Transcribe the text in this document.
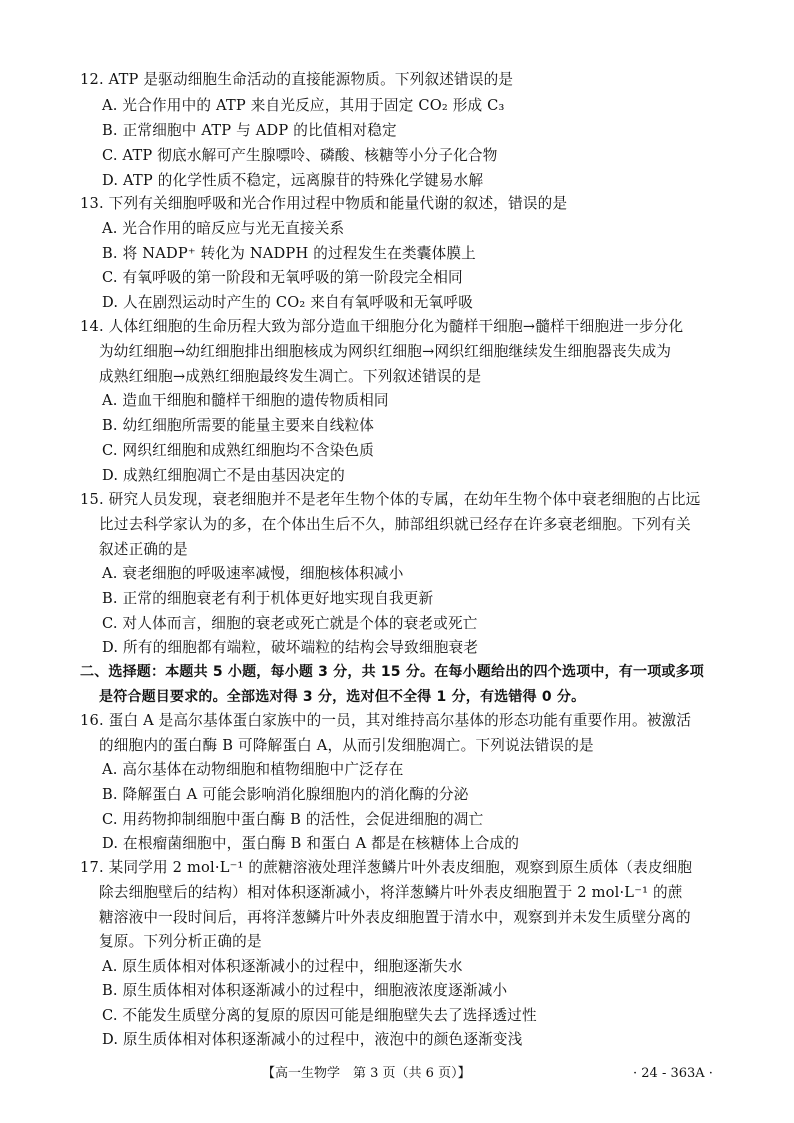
12. ATP 是驱动细胞生命活动的直接能源物质。下列叙述错误的是
A. 光合作用中的 ATP 来自光反应，其用于固定 CO₂ 形成 C₃
B. 正常细胞中 ATP 与 ADP 的比值相对稳定
C. ATP 彻底水解可产生腺嘌呤、磷酸、核糖等小分子化合物
D. ATP 的化学性质不稳定，远离腺苷的特殊化学键易水解
13. 下列有关细胞呼吸和光合作用过程中物质和能量代谢的叙述，错误的是
A. 光合作用的暗反应与光无直接关系
B. 将 NADP⁺ 转化为 NADPH 的过程发生在类囊体膜上
C. 有氧呼吸的第一阶段和无氧呼吸的第一阶段完全相同
D. 人在剧烈运动时产生的 CO₂ 来自有氧呼吸和无氧呼吸
14. 人体红细胞的生命历程大致为部分造血干细胞分化为髓样干细胞→髓样干细胞进一步分化
为幼红细胞→幼红细胞排出细胞核成为网织红细胞→网织红细胞继续发生细胞器丧失成为
成熟红细胞→成熟红细胞最终发生凋亡。下列叙述错误的是
A. 造血干细胞和髓样干细胞的遗传物质相同
B. 幼红细胞所需要的能量主要来自线粒体
C. 网织红细胞和成熟红细胞均不含染色质
D. 成熟红细胞凋亡不是由基因决定的
15. 研究人员发现，衰老细胞并不是老年生物个体的专属，在幼年生物个体中衰老细胞的占比远
比过去科学家认为的多，在个体出生后不久，肺部组织就已经存在许多衰老细胞。下列有关
叙述正确的是
A. 衰老细胞的呼吸速率减慢，细胞核体积减小
B. 正常的细胞衰老有利于机体更好地实现自我更新
C. 对人体而言，细胞的衰老或死亡就是个体的衰老或死亡
D. 所有的细胞都有端粒，破坏端粒的结构会导致细胞衰老
二、选择题：本题共 5 小题，每小题 3 分，共 15 分。在每小题给出的四个选项中，有一项或多项
是符合题目要求的。全部选对得 3 分，选对但不全得 1 分，有选错得 0 分。
16. 蛋白 A 是高尔基体蛋白家族中的一员，其对维持高尔基体的形态功能有重要作用。被激活
的细胞内的蛋白酶 B 可降解蛋白 A，从而引发细胞凋亡。下列说法错误的是
A. 高尔基体在动物细胞和植物细胞中广泛存在
B. 降解蛋白 A 可能会影响消化腺细胞内的消化酶的分泌
C. 用药物抑制细胞中蛋白酶 B 的活性，会促进细胞的凋亡
D. 在根瘤菌细胞中，蛋白酶 B 和蛋白 A 都是在核糖体上合成的
17. 某同学用 2 mol·L⁻¹ 的蔗糖溶液处理洋葱鳞片叶外表皮细胞，观察到原生质体（表皮细胞
除去细胞壁后的结构）相对体积逐渐减小，将洋葱鳞片叶外表皮细胞置于 2 mol·L⁻¹ 的蔗
糖溶液中一段时间后，再将洋葱鳞片叶外表皮细胞置于清水中，观察到并未发生质壁分离的
复原。下列分析正确的是
A. 原生质体相对体积逐渐减小的过程中，细胞逐渐失水
B. 原生质体相对体积逐渐减小的过程中，细胞液浓度逐渐减小
C. 不能发生质壁分离的复原的原因可能是细胞壁失去了选择透过性
D. 原生质体相对体积逐渐减小的过程中，液泡中的颜色逐渐变浅
【高一生物学　第 3 页（共 6 页）】	· 24 - 363A ·
